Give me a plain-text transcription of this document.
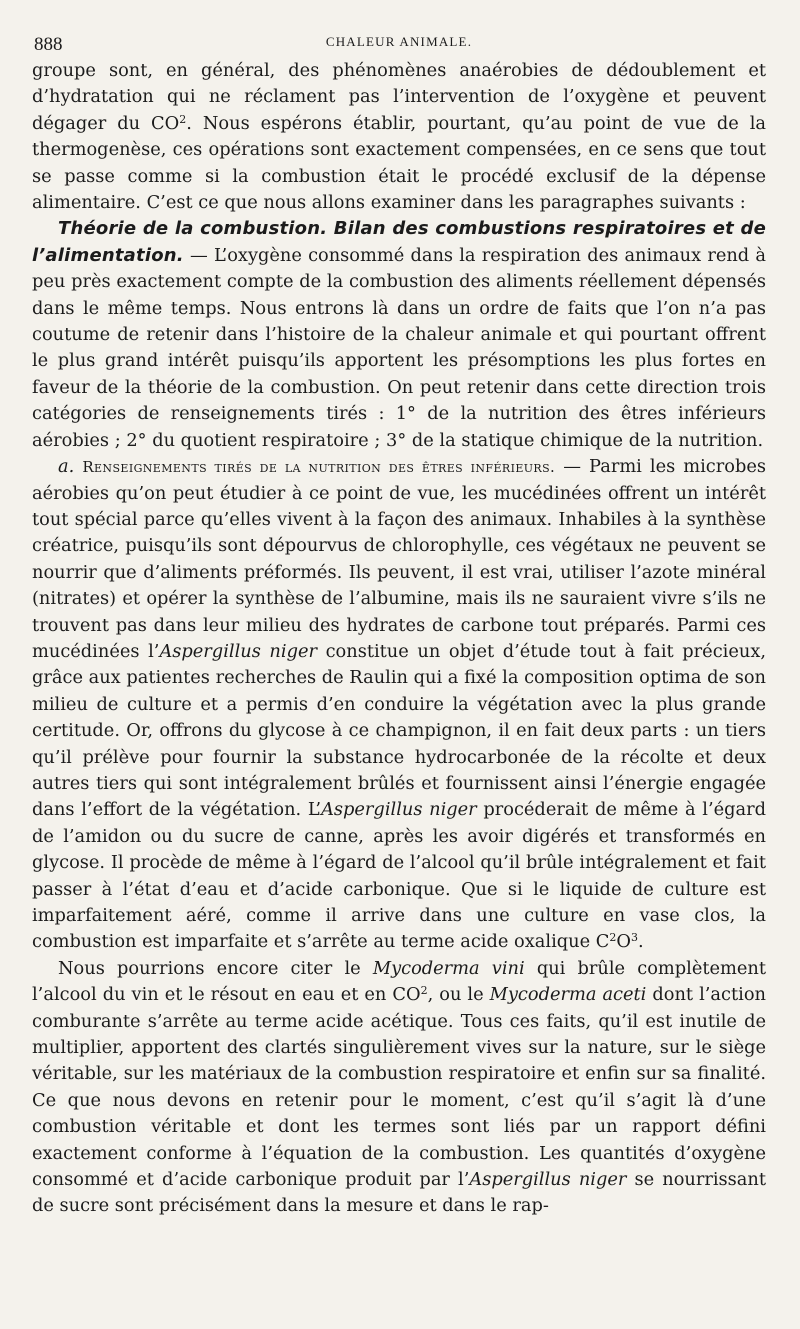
888	CHALEUR ANIMALE.

groupe sont, en général, des phénomènes anaérobies de dédoublement et d’hydratation qui ne réclament pas l’intervention de l’oxygène et peuvent dégager du $CO^2$. Nous espérons établir, pourtant, qu’au point de vue de la thermogenèse, ces opérations sont exactement compensées, en ce sens que tout se passe comme si la combustion était le procédé exclusif de la dépense alimentaire. C’est ce que nous allons examiner dans les paragraphes suivants :

Théorie de la combustion. Bilan des combustions respiratoires et de l’alimentation. — L’oxygène consommé dans la respiration des animaux rend à peu près exactement compte de la combustion des aliments réellement dépensés dans le même temps. Nous entrons là dans un ordre de faits que l’on n’a pas coutume de retenir dans l’histoire de la chaleur animale et qui pourtant offrent le plus grand intérêt puisqu’ils apportent les présomptions les plus fortes en faveur de la théorie de la combustion. On peut retenir dans cette direction trois catégories de renseignements tirés : 1° de la nutrition des êtres inférieurs aérobies ; 2° du quotient respiratoire ; 3° de la statique chimique de la nutrition.

a. Renseignements tirés de la nutrition des êtres inférieurs. — Parmi les microbes aérobies qu’on peut étudier à ce point de vue, les mucédinées offrent un intérêt tout spécial parce qu’elles vivent à la façon des animaux. Inhabiles à la synthèse créatrice, puisqu’ils sont dépourvus de chlorophylle, ces végétaux ne peuvent se nourrir que d’aliments préformés. Ils peuvent, il est vrai, utiliser l’azote minéral (nitrates) et opérer la synthèse de l’albumine, mais ils ne sauraient vivre s’ils ne trouvent pas dans leur milieu des hydrates de carbone tout préparés. Parmi ces mucédinées l’Aspergillus niger constitue un objet d’étude tout à fait précieux, grâce aux patientes recherches de Raulin qui a fixé la composition optima de son milieu de culture et a permis d’en conduire la végétation avec la plus grande certitude. Or, offrons du glycose à ce champignon, il en fait deux parts : un tiers qu’il prélève pour fournir la substance hydrocarbonée de la récolte et deux autres tiers qui sont intégralement brûlés et fournissent ainsi l’énergie engagée dans l’effort de la végétation. L’Aspergillus niger procéderait de même à l’égard de l’amidon ou du sucre de canne, après les avoir digérés et transformés en glycose. Il procède de même à l’égard de l’alcool qu’il brûle intégralement et fait passer à l’état d’eau et d’acide carbonique. Que si le liquide de culture est imparfaitement aéré, comme il arrive dans une culture en vase clos, la combustion est imparfaite et s’arrête au terme acide oxalique $C^2O^3$.

Nous pourrions encore citer le Mycoderma vini qui brûle complètement l’alcool du vin et le résout en eau et en $CO^2$, ou le Mycoderma aceti dont l’action comburante s’arrête au terme acide acétique. Tous ces faits, qu’il est inutile de multiplier, apportent des clartés singulièrement vives sur la nature, sur le siège véritable, sur les matériaux de la combustion respiratoire et enfin sur sa finalité. Ce que nous devons en retenir pour le moment, c’est qu’il s’agit là d’une combustion véritable et dont les termes sont liés par un rapport défini exactement conforme à l’équation de la combustion. Les quantités d’oxygène consommé et d’acide carbonique produit par l’Aspergillus niger se nourrissant de sucre sont précisément dans la mesure et dans le rap-
